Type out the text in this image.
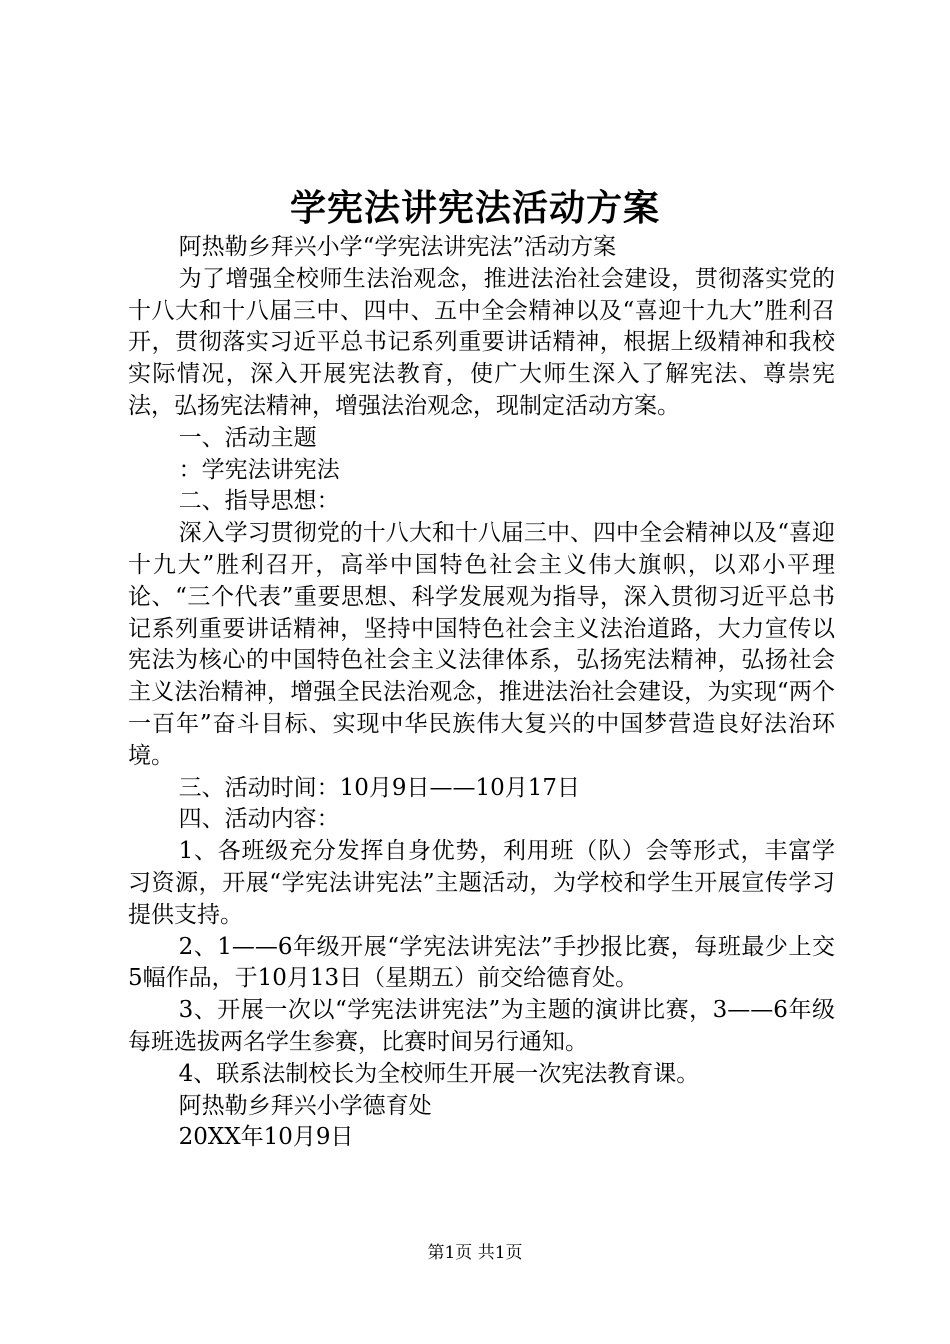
学宪法讲宪法活动方案

阿热勒乡拜兴小学“学宪法讲宪法”活动方案

为了增强全校师生法治观念，推进法治社会建设，贯彻落实党的十八大和十八届三中、四中、五中全会精神以及“喜迎十九大”胜利召开，贯彻落实习近平总书记系列重要讲话精神，根据上级精神和我校实际情况，深入开展宪法教育，使广大师生深入了解宪法、尊崇宪法，弘扬宪法精神，增强法治观念，现制定活动方案。

一、活动主题

：学宪法讲宪法

二、指导思想：

深入学习贯彻党的十八大和十八届三中、四中全会精神以及“喜迎十九大”胜利召开，高举中国特色社会主义伟大旗帜，以邓小平理论、“三个代表”重要思想、科学发展观为指导，深入贯彻习近平总书记系列重要讲话精神，坚持中国特色社会主义法治道路，大力宣传以宪法为核心的中国特色社会主义法律体系，弘扬宪法精神，弘扬社会主义法治精神，增强全民法治观念，推进法治社会建设，为实现“两个一百年”奋斗目标、实现中华民族伟大复兴的中国梦营造良好法治环境。

三、活动时间：10月9日——10月17日

四、活动内容：

1、各班级充分发挥自身优势，利用班（队）会等形式，丰富学习资源，开展“学宪法讲宪法”主题活动，为学校和学生开展宣传学习提供支持。

2、1——6年级开展“学宪法讲宪法”手抄报比赛，每班最少上交5幅作品，于10月13日（星期五）前交给德育处。

3、开展一次以“学宪法讲宪法”为主题的演讲比赛，3——6年级每班选拔两名学生参赛，比赛时间另行通知。

4、联系法制校长为全校师生开展一次宪法教育课。

阿热勒乡拜兴小学德育处

20XX年10月9日

第1页 共1页
